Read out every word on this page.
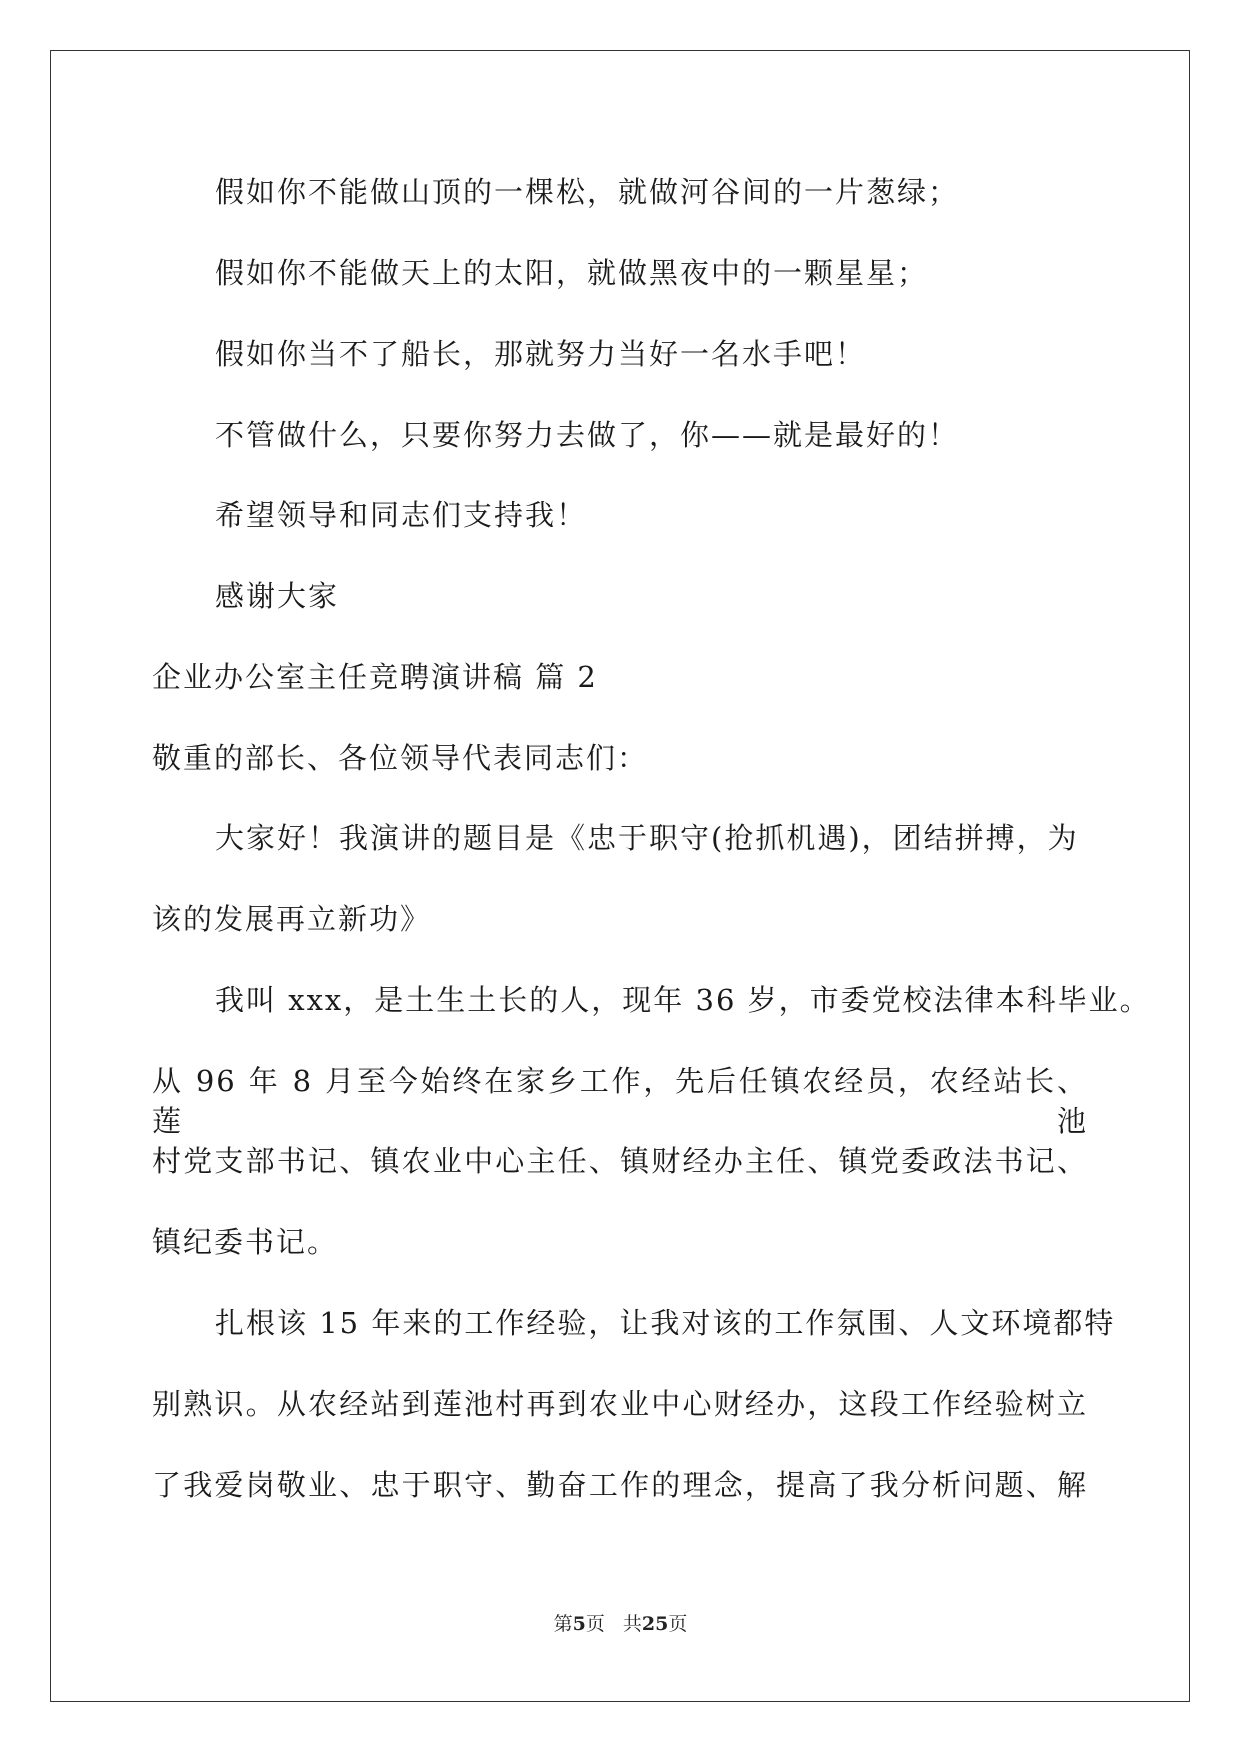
假如你不能做山顶的一棵松，就做河谷间的一片葱绿；
假如你不能做天上的太阳，就做黑夜中的一颗星星；
假如你当不了船长，那就努力当好一名水手吧！
不管做什么，只要你努力去做了，你——就是最好的！
希望领导和同志们支持我！
感谢大家
企业办公室主任竞聘演讲稿 篇 2
敬重的部长、各位领导代表同志们：
大家好！我演讲的题目是《忠于职守(抢抓机遇)，团结拼搏，为
该的发展再立新功》
我叫 xxx，是土生土长的人，现年 36 岁，市委党校法律本科毕业。
从 96 年 8 月至今始终在家乡工作，先后任镇农经员，农经站长、莲池
村党支部书记、镇农业中心主任、镇财经办主任、镇党委政法书记、
镇纪委书记。
扎根该 15 年来的工作经验，让我对该的工作氛围、人文环境都特
别熟识。从农经站到莲池村再到农业中心财经办，这段工作经验树立
了我爱岗敬业、忠于职守、勤奋工作的理念，提高了我分析问题、解
第5页 共25页
